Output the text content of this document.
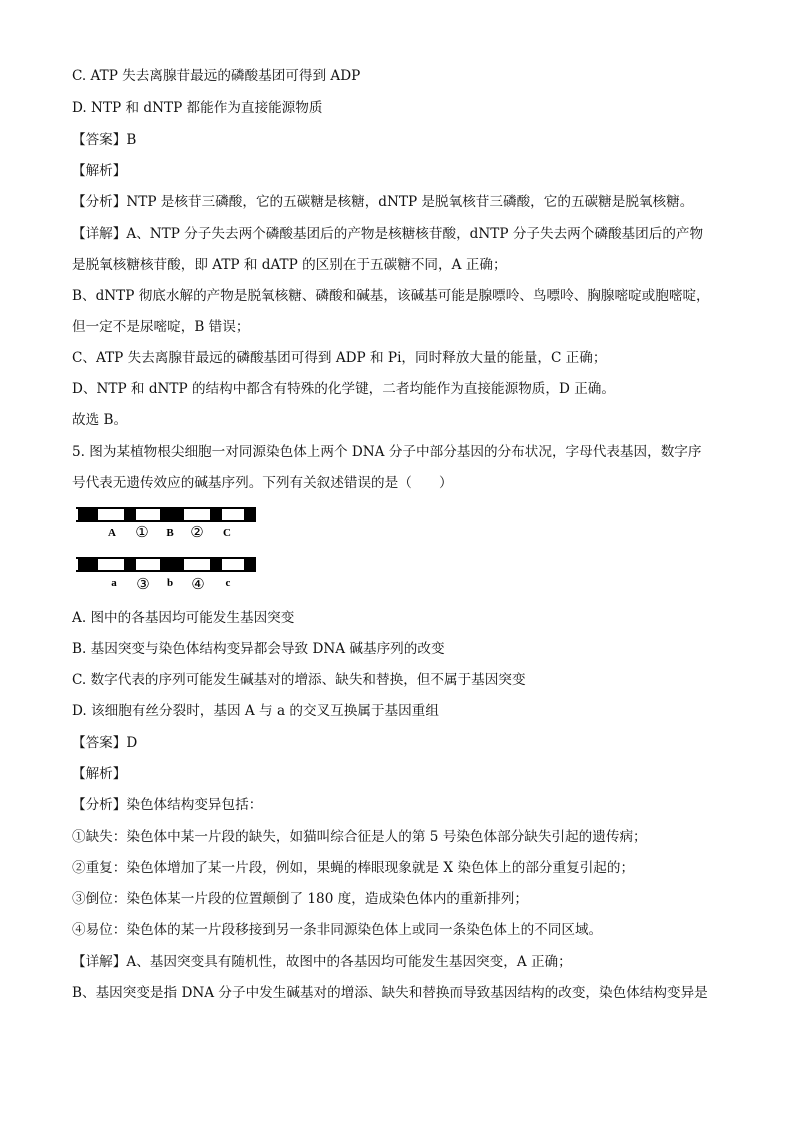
C. ATP 失去离腺苷最远的磷酸基团可得到 ADP
D. NTP 和 dNTP 都能作为直接能源物质
【答案】B
【解析】
【分析】NTP 是核苷三磷酸，它的五碳糖是核糖，dNTP 是脱氧核苷三磷酸，它的五碳糖是脱氧核糖。
【详解】A、NTP 分子失去两个磷酸基团后的产物是核糖核苷酸，dNTP 分子失去两个磷酸基团后的产物
是脱氧核糖核苷酸，即 ATP 和 dATP 的区别在于五碳糖不同，A 正确；
B、dNTP 彻底水解的产物是脱氧核糖、磷酸和碱基，该碱基可能是腺嘌呤、鸟嘌呤、胸腺嘧啶或胞嘧啶，
但一定不是尿嘧啶，B 错误；
C、ATP 失去离腺苷最远的磷酸基团可得到 ADP 和 Pi，同时释放大量的能量，C 正确；
D、NTP 和 dNTP 的结构中都含有特殊的化学键，二者均能作为直接能源物质，D 正确。
故选 B。
5. 图为某植物根尖细胞一对同源染色体上两个 DNA 分子中部分基因的分布状况，字母代表基因，数字序
号代表无遗传效应的碱基序列。下列有关叙述错误的是（　　）
A ① B ② C
a ③ b ④ c
A. 图中的各基因均可能发生基因突变
B. 基因突变与染色体结构变异都会导致 DNA 碱基序列的改变
C. 数字代表的序列可能发生碱基对的增添、缺失和替换，但不属于基因突变
D. 该细胞有丝分裂时，基因 A 与 a 的交叉互换属于基因重组
【答案】D
【解析】
【分析】染色体结构变异包括：
①缺失：染色体中某一片段的缺失，如猫叫综合征是人的第 5 号染色体部分缺失引起的遗传病；
②重复：染色体增加了某一片段，例如，果蝇的棒眼现象就是 X 染色体上的部分重复引起的；
③倒位：染色体某一片段的位置颠倒了 180 度，造成染色体内的重新排列；
④易位：染色体的某一片段移接到另一条非同源染色体上或同一条染色体上的不同区域。
【详解】A、基因突变具有随机性，故图中的各基因均可能发生基因突变，A 正确；
B、基因突变是指 DNA 分子中发生碱基对的增添、缺失和替换而导致基因结构的改变，染色体结构变异是
